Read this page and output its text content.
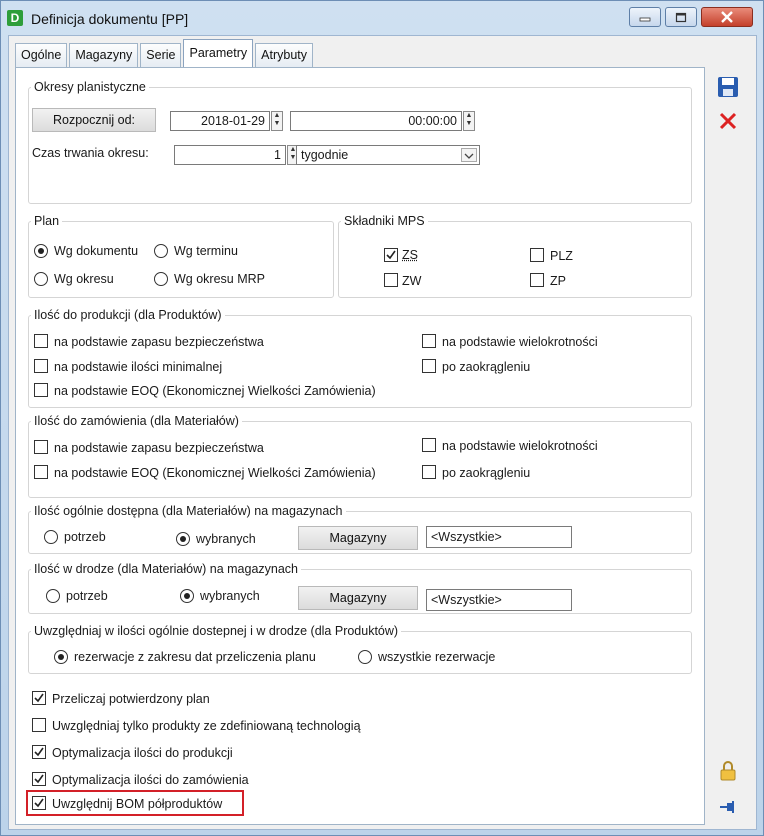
D Definicja dokumentu [PP]
Ogólne	Magazyny	Serie	Parametry	Atrybuty
Okresy planistyczne
Rozpocznij od:	2018-01-29	▲
▼	00:00:00	▲
▼
Czas trwania okresu:	1	▲
▼ tygodnie
Plan
Wg dokumentu	Wg terminu
Wg okresu	Wg okresu MRP
Składniki MPS
ZS	PLZ
ZW	ZP
Ilość do produkcji (dla Produktów)
na podstawie zapasu bezpieczeństwa
na podstawie ilości minimalnej
na podstawie EOQ (Ekonomicznej Wielkości Zamówienia)
na podstawie wielokrotności
po zaokrągleniu
Ilość do zamówienia (dla Materiałów)
na podstawie zapasu bezpieczeństwa
na podstawie EOQ (Ekonomicznej Wielkości Zamówienia)
na podstawie wielokrotności
po zaokrągleniu
Ilość ogólnie dostępna (dla Materiałów) na magazynach
potrzeb	wybranych	Magazyny	<Wszystkie>
Ilość w drodze (dla Materiałów) na magazynach
potrzeb	wybranych	Magazyny	<Wszystkie>
Uwzględniaj w ilości ogólnie dostepnej i w drodze (dla Produktów)
rezerwacje z zakresu dat przeliczenia planu	wszystkie rezerwacje
Przeliczaj potwierdzony plan
Uwzględniaj tylko produkty ze zdefiniowaną technologią
Optymalizacja ilości do produkcji
Optymalizacja ilości do zamówienia
Uwzględnij BOM półproduktów
